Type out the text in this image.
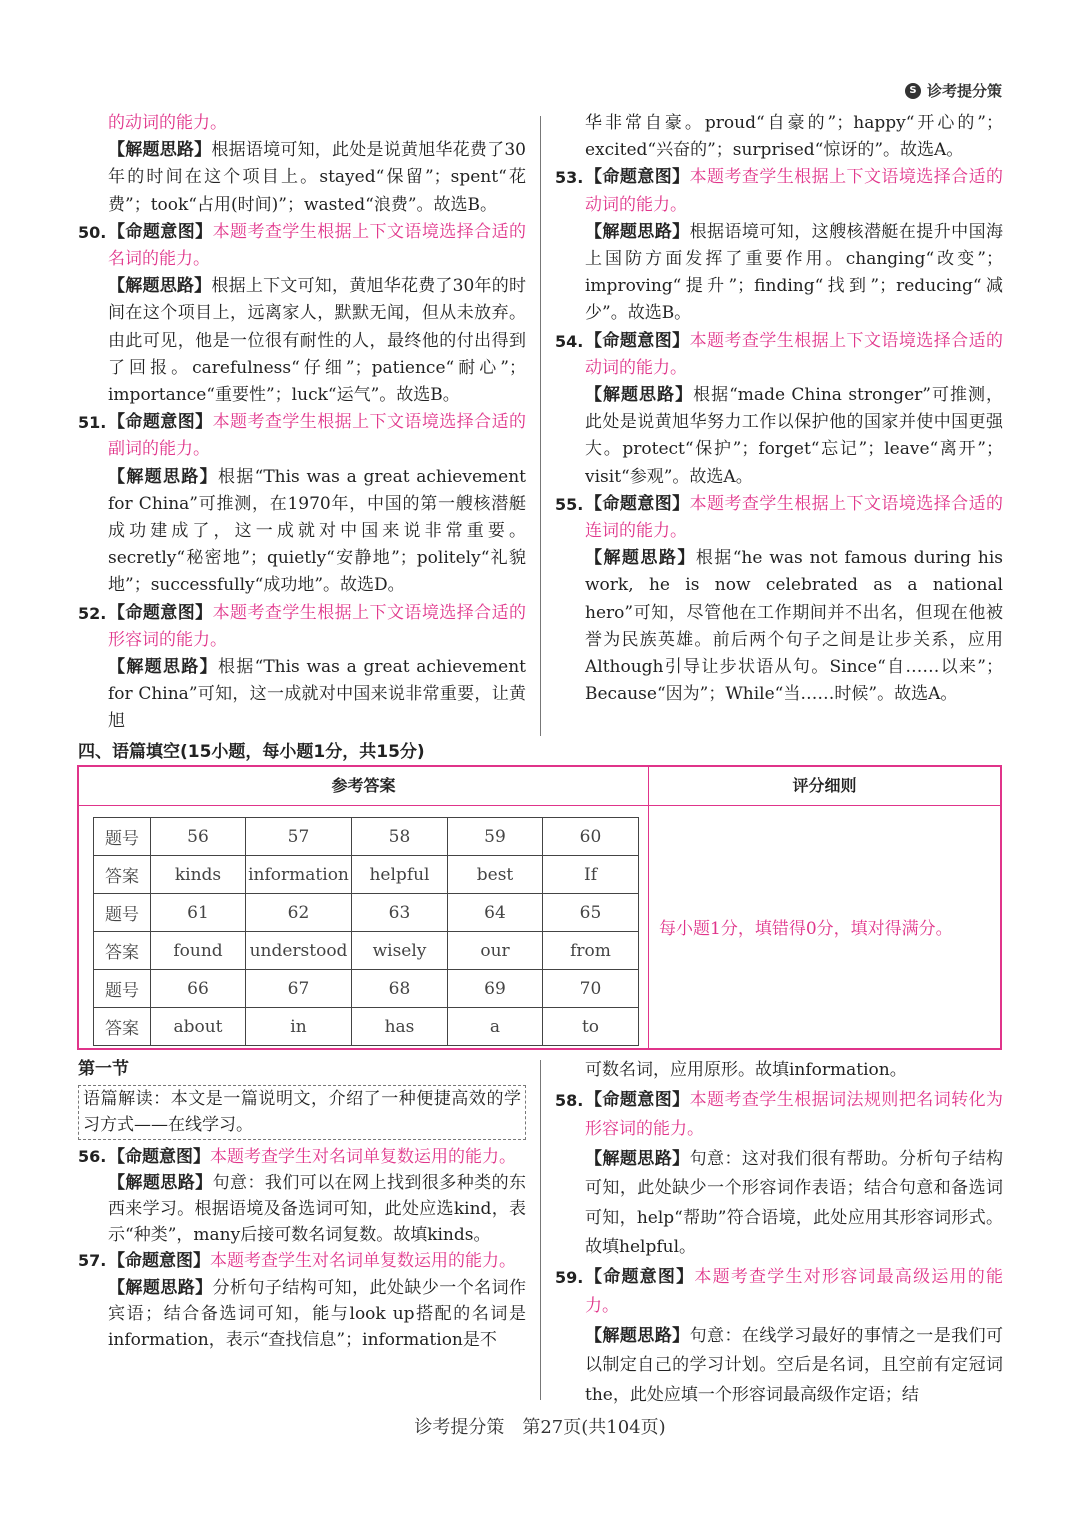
S 诊考提分策

的动词的能力。

【解题思路】根据语境可知，此处是说黄旭华花费了30年的时间在这个项目上。stayed“保留”；spent“花费”；took“占用(时间)”；wasted“浪费”。故选B。

50. 【命题意图】本题考查学生根据上下文语境选择合适的名词的能力。

【解题思路】根据上下文可知，黄旭华花费了30年的时间在这个项目上，远离家人，默默无闻，但从未放弃。由此可见，他是一位很有耐性的人，最终他的付出得到了回报。carefulness“仔细”；patience“耐心”；importance“重要性”；luck“运气”。故选B。

51. 【命题意图】本题考查学生根据上下文语境选择合适的副词的能力。

【解题思路】根据“This was a great achievement for China”可推测，在1970年，中国的第一艘核潜艇成功建成了，这一成就对中国来说非常重要。secretly“秘密地”；quietly“安静地”；politely“礼貌地”；successfully“成功地”。故选D。

52. 【命题意图】本题考查学生根据上下文语境选择合适的形容词的能力。

【解题思路】根据“This was a great achievement for China”可知，这一成就对中国来说非常重要，让黄旭

华非常自豪。proud“自豪的”；happy“开心的”；excited“兴奋的”；surprised“惊讶的”。故选A。

53. 【命题意图】本题考查学生根据上下文语境选择合适的动词的能力。

【解题思路】根据语境可知，这艘核潜艇在提升中国海上国防方面发挥了重要作用。changing“改变”；improving“提升”；finding“找到”；reducing“减少”。故选B。

54. 【命题意图】本题考查学生根据上下文语境选择合适的动词的能力。

【解题思路】根据“made China stronger”可推测，此处是说黄旭华努力工作以保护他的国家并使中国更强大。protect“保护”；forget“忘记”；leave“离开”；visit“参观”。故选A。

55. 【命题意图】本题考查学生根据上下文语境选择合适的连词的能力。

【解题思路】根据“he was not famous during his work, he is now celebrated as a national hero”可知，尽管他在工作期间并不出名，但现在他被誉为民族英雄。前后两个句子之间是让步关系，应用Although引导让步状语从句。Since“自……以来”；Because“因为”；While“当……时候”。故选A。

四、语篇填空(15小题，每小题1分，共15分)
参考答案	评分细则
题号	56	57	58	59	60
答案	kinds	information	helpful	best	If
题号	61	62	63	64	65
答案	found	understood	wisely	our	from
题号	66	67	68	69	70
答案	about	in	has	a	to
每小题1分，填错得0分，填对得满分。

第一节

语篇解读：本文是一篇说明文，介绍了一种便捷高效的学习方式——在线学习。

56. 【命题意图】本题考查学生对名词单复数运用的能力。

【解题思路】句意：我们可以在网上找到很多种类的东西来学习。根据语境及备选词可知，此处应选kind，表示“种类”，many后接可数名词复数。故填kinds。

57. 【命题意图】本题考查学生对名词单复数运用的能力。

【解题思路】分析句子结构可知，此处缺少一个名词作宾语；结合备选词可知，能与look up搭配的名词是information，表示“查找信息”；information是不

可数名词，应用原形。故填information。

58. 【命题意图】本题考查学生根据词法规则把名词转化为形容词的能力。

【解题思路】句意：这对我们很有帮助。分析句子结构可知，此处缺少一个形容词作表语；结合句意和备选词可知，help“帮助”符合语境，此处应用其形容词形式。故填helpful。

59. 【命题意图】本题考查学生对形容词最高级运用的能力。

【解题思路】句意：在线学习最好的事情之一是我们可以制定自己的学习计划。空后是名词，且空前有定冠词the，此处应填一个形容词最高级作定语；结

诊考提分策　第27页(共104页)
